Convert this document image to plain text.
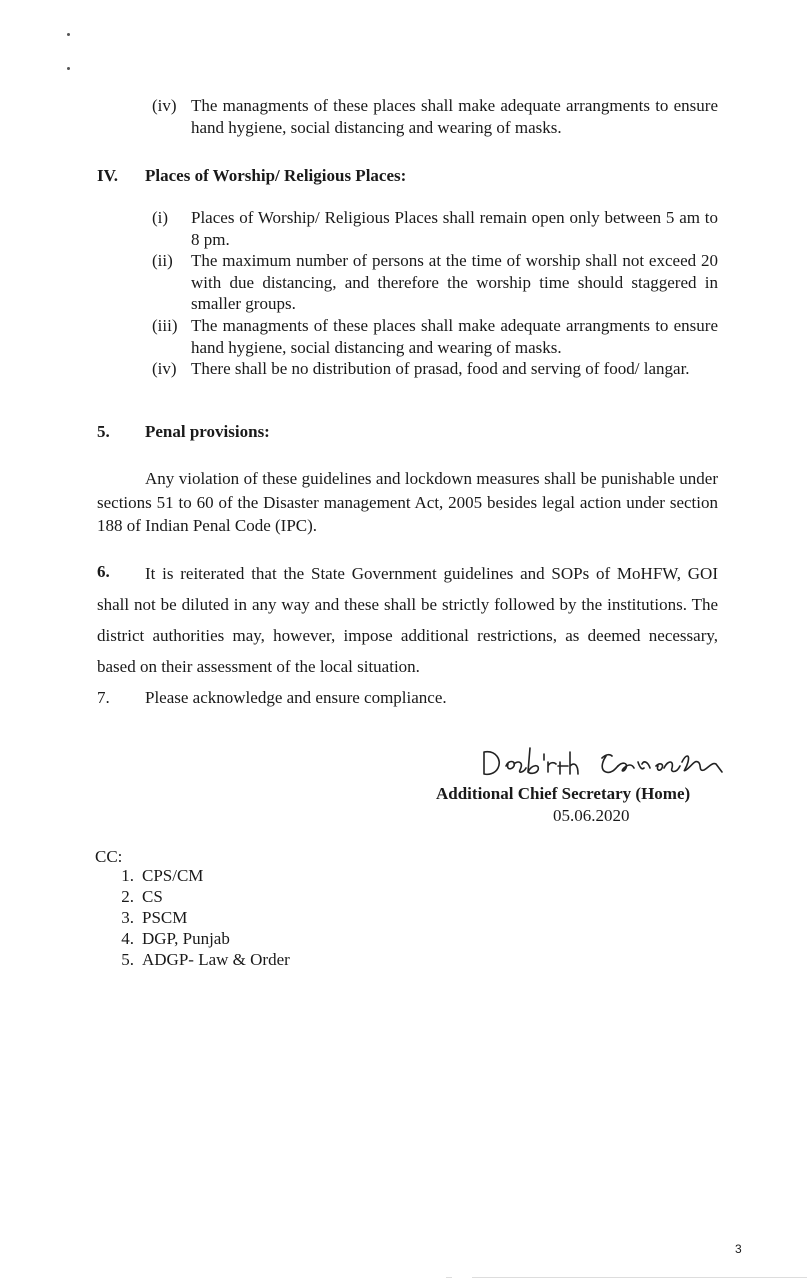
(iv) The managments of these places shall make adequate arrangments to ensure hand hygiene, social distancing and wearing of masks.
IV. Places of Worship/ Religious Places:
(i) Places of Worship/ Religious Places shall remain open only between 5 am to 8 pm.
(ii) The maximum number of persons at the time of worship shall not exceed 20 with due distancing, and therefore the worship time should staggered in smaller groups.
(iii) The managments of these places shall make adequate arrangments to ensure hand hygiene, social distancing and wearing of masks.
(iv) There shall be no distribution of prasad, food and serving of food/ langar.
5. Penal provisions:
Any violation of these guidelines and lockdown measures shall be punishable under sections 51 to 60 of the Disaster management Act, 2005 besides legal action under section 188 of Indian Penal Code (IPC).
6.	It is reiterated that the State Government guidelines and SOPs of MoHFW, GOI shall not be diluted in any way and these shall be strictly followed by the institutions. The district authorities may, however, impose additional restrictions, as deemed necessary, based on their assessment of the local situation.
7. Please acknowledge and ensure compliance.
Additional Chief Secretary (Home)
05.06.2020
CC:
1. CPS/CM
2. CS
3. PSCM
4. DGP, Punjab
5. ADGP- Law & Order
3
